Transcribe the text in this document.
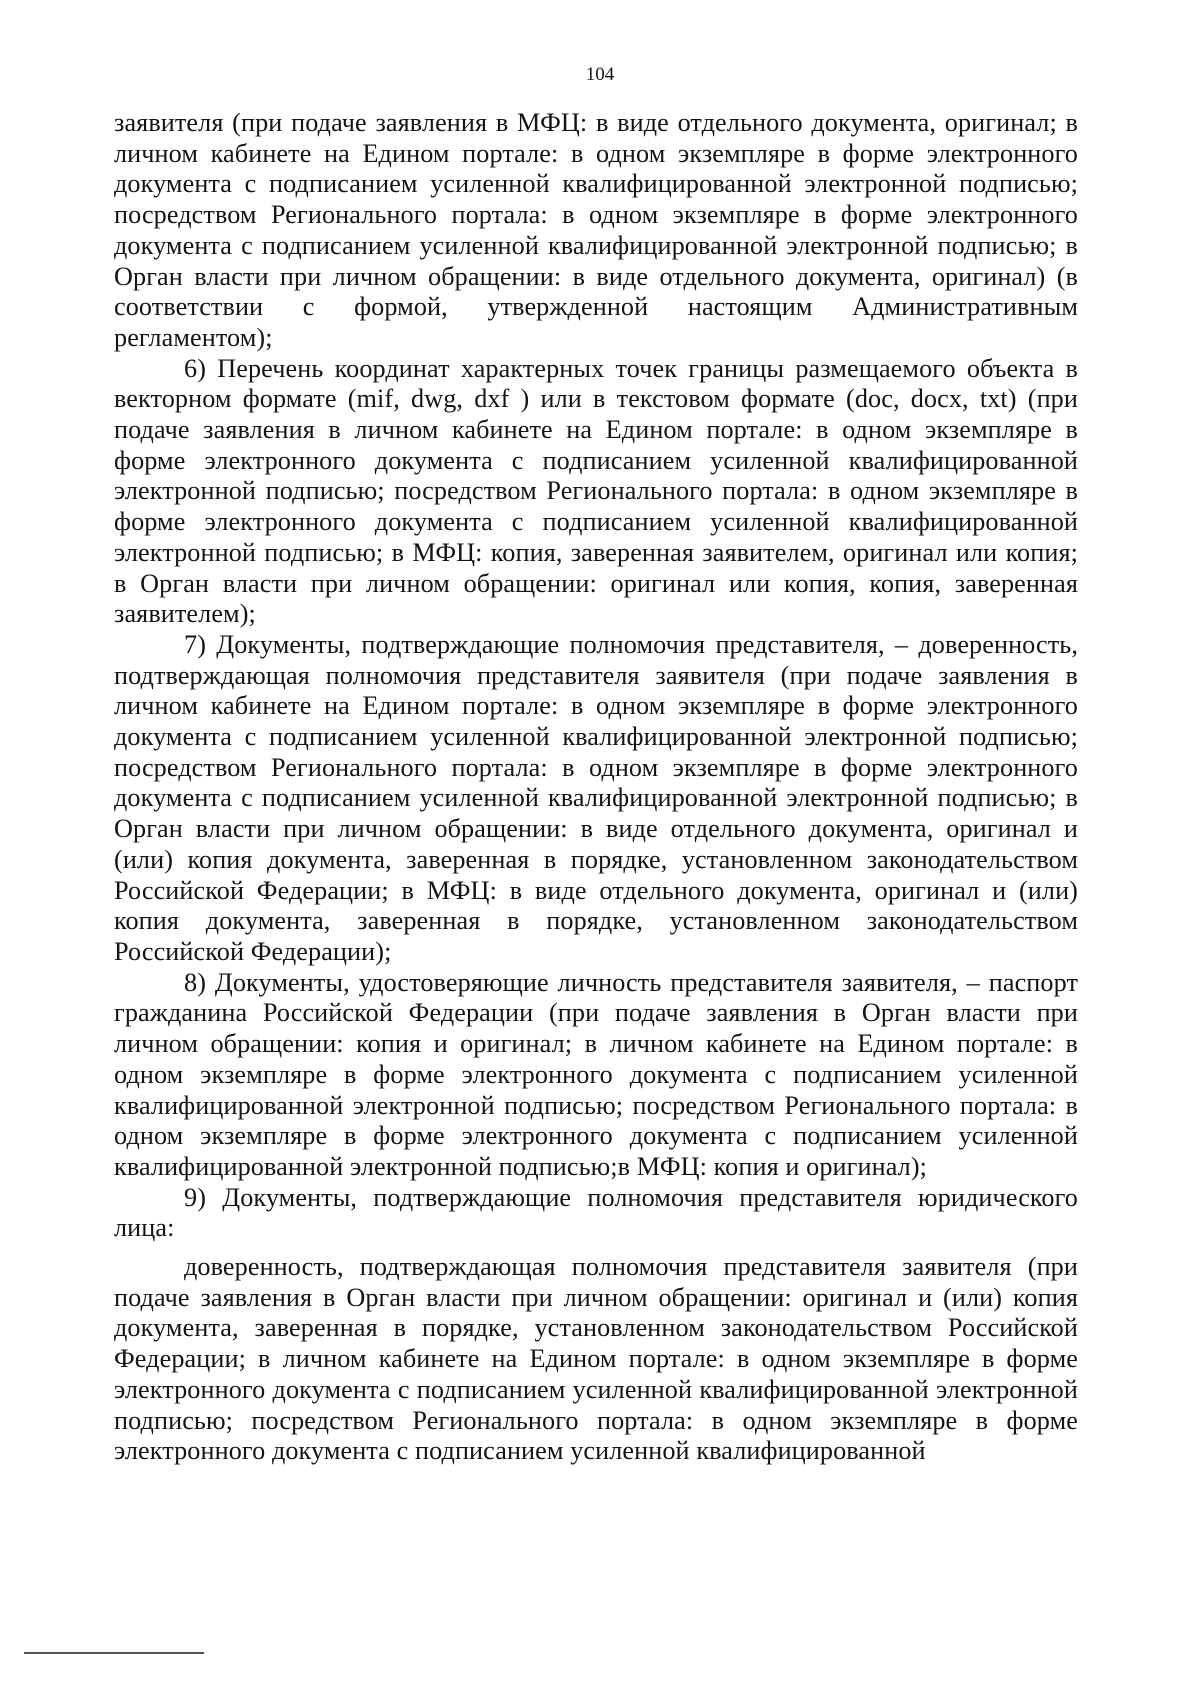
104

заявителя (при подаче заявления в МФЦ: в виде отдельного документа, оригинал; в личном кабинете на Едином портале: в одном экземпляре в форме электронного документа с подписанием усиленной квалифицированной электронной подписью; посредством Регионального портала: в одном экземпляре в форме электронного документа с подписанием усиленной квалифицированной электронной подписью; в Орган власти при личном обращении: в виде отдельного документа, оригинал) (в соответствии с формой, утвержденной настоящим Административным регламентом);

6) Перечень координат характерных точек границы размещаемого объекта в векторном формате (mif, dwg, dxf ) или в текстовом формате (doc, docx, txt) (при подаче заявления в личном кабинете на Едином портале: в одном экземпляре в форме электронного документа с подписанием усиленной квалифицированной электронной подписью; посредством Регионального портала: в одном экземпляре в форме электронного документа с подписанием усиленной квалифицированной электронной подписью; в МФЦ: копия, заверенная заявителем, оригинал или копия; в Орган власти при личном обращении: оригинал или копия, копия, заверенная заявителем);

7) Документы, подтверждающие полномочия представителя, – доверенность, подтверждающая полномочия представителя заявителя (при подаче заявления в личном кабинете на Едином портале: в одном экземпляре в форме электронного документа с подписанием усиленной квалифицированной электронной подписью; посредством Регионального портала: в одном экземпляре в форме электронного документа с подписанием усиленной квалифицированной электронной подписью; в Орган власти при личном обращении: в виде отдельного документа, оригинал и (или) копия документа, заверенная в порядке, установленном законодательством Российской Федерации; в МФЦ: в виде отдельного документа, оригинал и (или) копия документа, заверенная в порядке, установленном законодательством Российской Федерации);

8) Документы, удостоверяющие личность представителя заявителя, – паспорт гражданина Российской Федерации (при подаче заявления в Орган власти при личном обращении: копия и оригинал; в личном кабинете на Едином портале: в одном экземпляре в форме электронного документа с подписанием усиленной квалифицированной электронной подписью; посредством Регионального портала: в одном экземпляре в форме электронного документа с подписанием усиленной квалифицированной электронной подписью;в МФЦ: копия и оригинал);

9) Документы, подтверждающие полномочия представителя юридического лица:

доверенность, подтверждающая полномочия представителя заявителя (при подаче заявления в Орган власти при личном обращении: оригинал и (или) копия документа, заверенная в порядке, установленном законодательством Российской Федерации; в личном кабинете на Едином портале: в одном экземпляре в форме электронного документа с подписанием усиленной квалифицированной электронной подписью; посредством Регионального портала: в одном экземпляре в форме электронного документа с подписанием усиленной квалифицированной
